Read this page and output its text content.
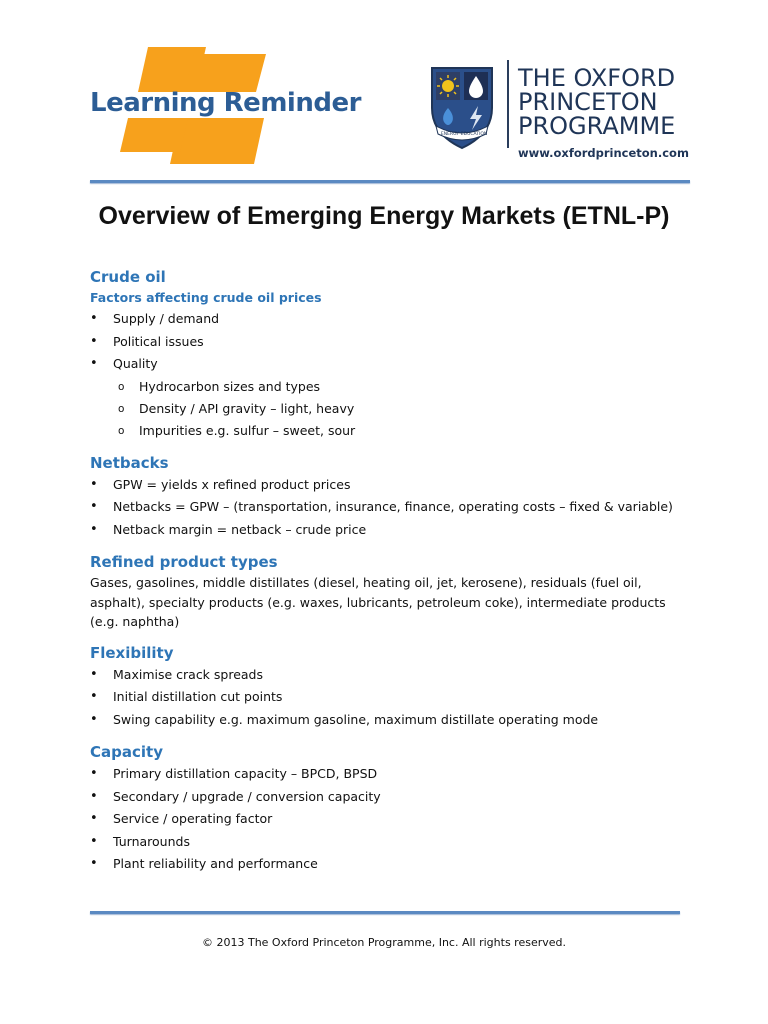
Learning Reminder
ENERGY EDUCATION
THE OXFORD
PRINCETON
PROGRAMME
www.oxfordprinceton.com
Overview of Emerging Energy Markets (ETNL-P)
Crude oil
Factors affecting crude oil prices
• Supply / demand
• Political issues
• Quality
o Hydrocarbon sizes and types
o Density / API gravity – light, heavy
o Impurities e.g. sulfur – sweet, sour
Netbacks
• GPW = yields x refined product prices
• Netbacks = GPW – (transportation, insurance, finance, operating costs – fixed & variable)
• Netback margin = netback – crude price
Refined product types
Gases, gasolines, middle distillates (diesel, heating oil, jet, kerosene), residuals (fuel oil,
asphalt), specialty products (e.g. waxes, lubricants, petroleum coke), intermediate products
(e.g. naphtha)
Flexibility
• Maximise crack spreads
• Initial distillation cut points
• Swing capability e.g. maximum gasoline, maximum distillate operating mode
Capacity
• Primary distillation capacity – BPCD, BPSD
• Secondary / upgrade / conversion capacity
• Service / operating factor
• Turnarounds
• Plant reliability and performance
© 2013 The Oxford Princeton Programme, Inc. All rights reserved.
